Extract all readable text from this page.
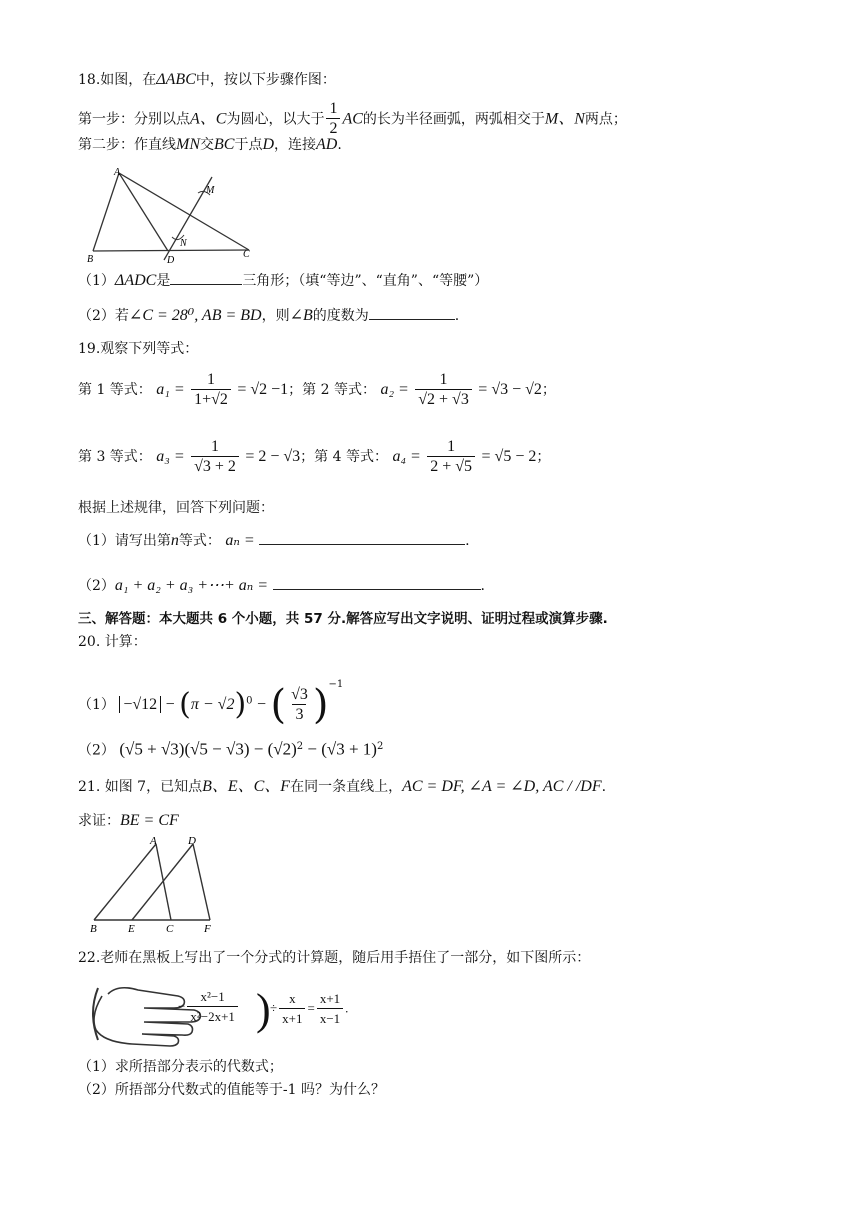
18.如图，在ΔABC中，按以下步骤作图：
第一步：分别以点A、C为圆心，以大于 $\frac{1}{2}$ AC的长为半径画弧，两弧相交于M、N两点；
第二步：作直线MN交BC于点D，连接AD.
A
B	C
D
M
N
（1）ΔADC是	三角形；（填“等边”、“直角”、“等腰”）
（2）若∠C = 28⁰, AB = BD，则∠B的度数为	.
19.观察下列等式：
第 1 等式： $a_1 = \frac{1}{1+√2} = √2 -1$；第 2 等式： $a_2 = \frac{1}{√2 + √3} = √3 - √2$；
第 3 等式： $a_3 = \frac{1}{√3 + 2} = 2 - √3$；第 4 等式： $a_4 = \frac{1}{2 + √5} = √5 - 2$；
根据上述规律，回答下列问题：
（1）请写出第n等式： aₙ =	.
（2）a₁ + a₂ + a₃ +⋯+ aₙ =	.
三、解答题：本大题共 6 个小题，共 57 分.解答应写出文字说明、证明过程或演算步骤.
20. 计算：
$(1) -√12 - (\pi - √2)^0$ − ( $\frac{√3}{3} )^{-1}$
（2） $(√5 + √3)(√5 - √3) - (√2)^2 - (√3 + 1)^2$
21. 如图 7，已知点B、E、C、F在同一条直线上，AC = DF, ∠A = ∠D, AC / /DF.
求证：BE = CF
A	D
B	E	C	F
22.老师在黑板上写出了一个分式的计算题，随后用手捂住了一部分，如下图所示：
− $\frac{\text{x²−1}}{\text{x²−2x+1}}$ ) ÷ $\frac{x}{x+1} = \frac{x+1}{x-1}$ .
（1）求所捂部分表示的代数式；
（2）所捂部分代数式的值能等于-1 吗？为什么？
